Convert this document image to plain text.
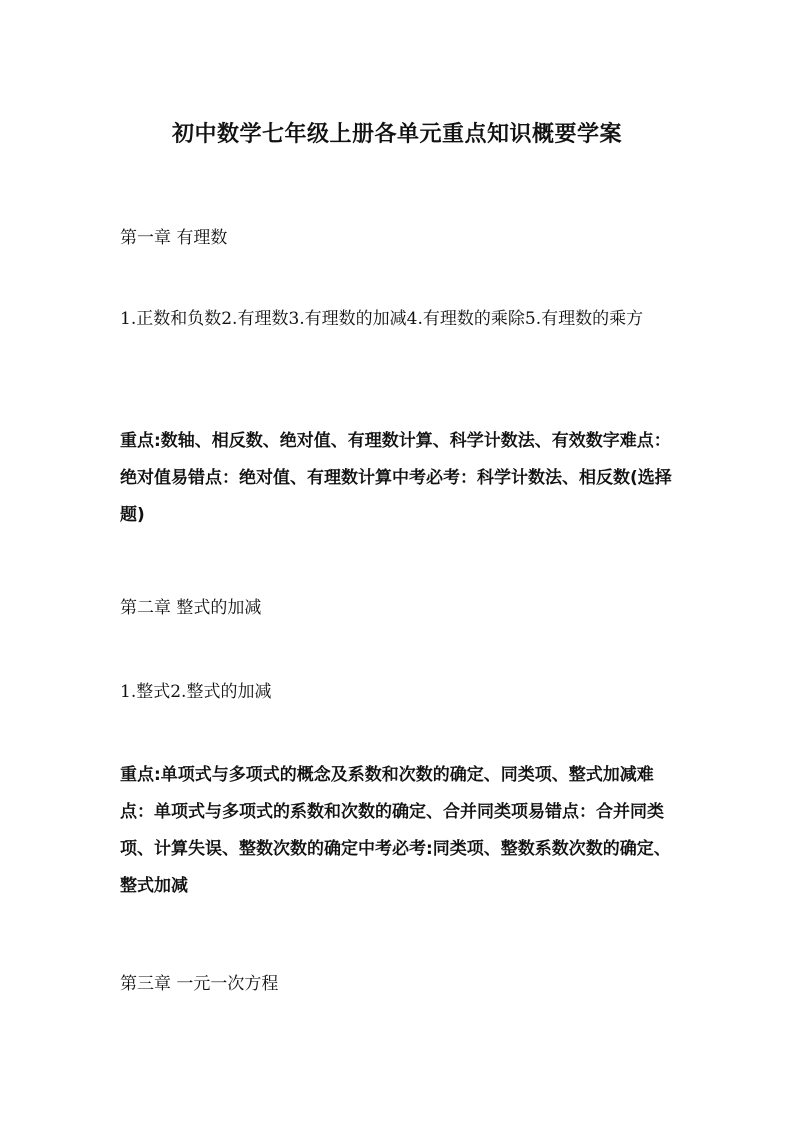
初中数学七年级上册各单元重点知识概要学案

第一章 有理数

1.正数和负数2.有理数3.有理数的加减4.有理数的乘除5.有理数的乘方

重点:数轴、相反数、绝对值、有理数计算、科学计数法、有效数字难点：绝对值易错点：绝对值、有理数计算中考必考：科学计数法、相反数(选择题)

第二章 整式的加减

1.整式2.整式的加减

重点:单项式与多项式的概念及系数和次数的确定、同类项、整式加减难点：单项式与多项式的系数和次数的确定、合并同类项易错点：合并同类项、计算失误、整数次数的确定中考必考:同类项、整数系数次数的确定、整式加减

第三章 一元一次方程
